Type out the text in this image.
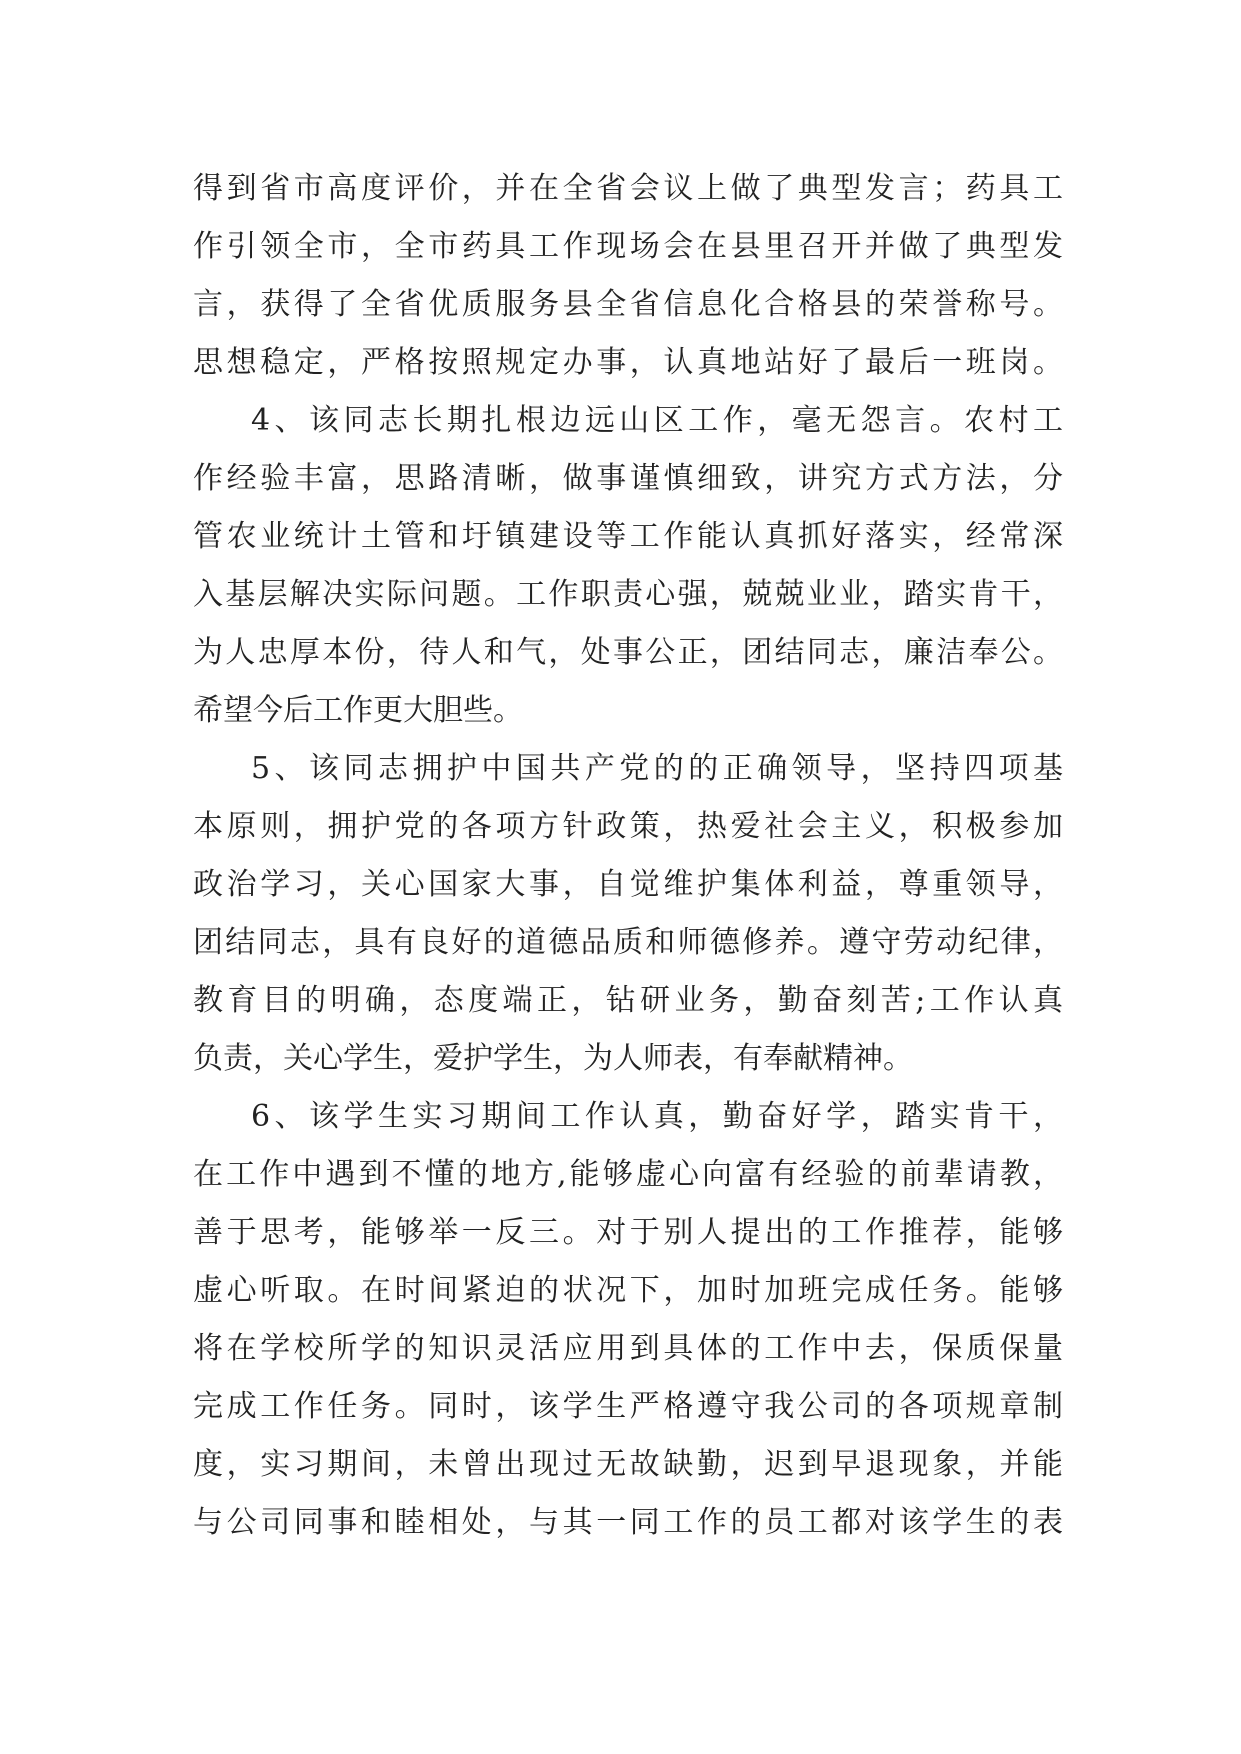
得到省市高度评价，并在全省会议上做了典型发言；药具工
作引领全市，全市药具工作现场会在县里召开并做了典型发
言，获得了全省优质服务县全省信息化合格县的荣誉称号。
思想稳定，严格按照规定办事，认真地站好了最后一班岗。
4、该同志长期扎根边远山区工作，毫无怨言。农村工
作经验丰富，思路清晰，做事谨慎细致，讲究方式方法，分
管农业统计土管和圩镇建设等工作能认真抓好落实，经常深
入基层解决实际问题。工作职责心强，兢兢业业，踏实肯干，
为人忠厚本份，待人和气，处事公正，团结同志，廉洁奉公。
希望今后工作更大胆些。
5、该同志拥护中国共产党的的正确领导，坚持四项基
本原则，拥护党的各项方针政策，热爱社会主义，积极参加
政治学习，关心国家大事，自觉维护集体利益，尊重领导，
团结同志，具有良好的道德品质和师德修养。遵守劳动纪律，
教育目的明确，态度端正，钻研业务，勤奋刻苦;工作认真
负责，关心学生，爱护学生，为人师表，有奉献精神。
6、该学生实习期间工作认真，勤奋好学，踏实肯干，
在工作中遇到不懂的地方,能够虚心向富有经验的前辈请教，
善于思考，能够举一反三。对于别人提出的工作推荐，能够
虚心听取。在时间紧迫的状况下，加时加班完成任务。能够
将在学校所学的知识灵活应用到具体的工作中去，保质保量
完成工作任务。同时，该学生严格遵守我公司的各项规章制
度，实习期间，未曾出现过无故缺勤，迟到早退现象，并能
与公司同事和睦相处，与其一同工作的员工都对该学生的表
